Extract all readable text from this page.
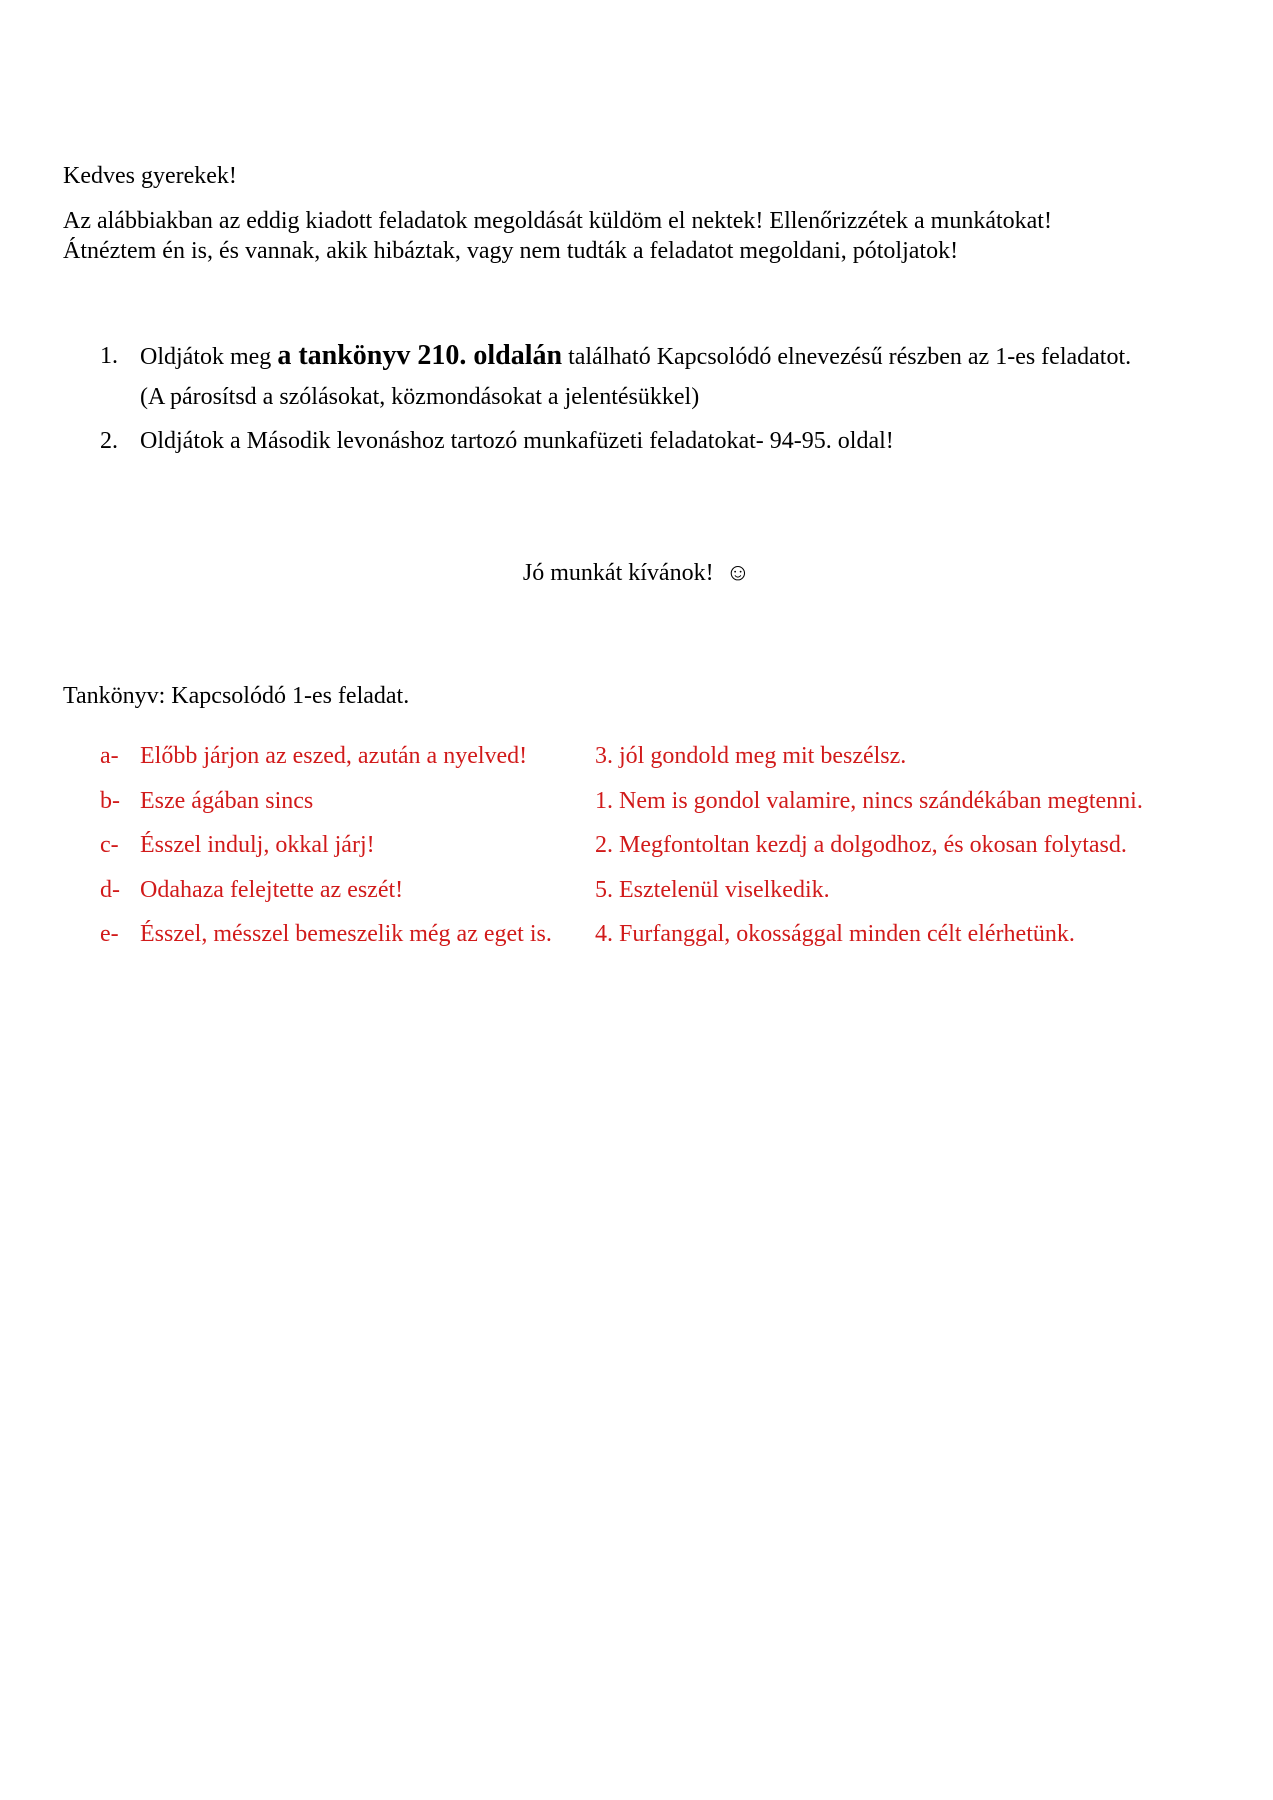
Kedves gyerekek!

Az alábbiakban az eddig kiadott feladatok megoldását küldöm el nektek! Ellenőrizzétek a munkátokat!
Átnéztem én is, és vannak, akik hibáztak, vagy nem tudták a feladatot megoldani, pótoljatok!

1. Oldjátok meg a tankönyv 210. oldalán található Kapcsolódó elnevezésű részben az 1-es feladatot.
(A párosítsd a szólásokat, közmondásokat a jelentésükkel)
2. Oldjátok a Második levonáshoz tartozó munkafüzeti feladatokat- 94-95. oldal!

Jó munkát kívánok! ☺

Tankönyv: Kapcsolódó 1-es feladat.

a- Előbb járjon az eszed, azután a nyelved!	3. jól gondold meg mit beszélsz.
b- Esze ágában sincs	1. Nem is gondol valamire, nincs szándékában megtenni.
c- Ésszel indulj, okkal járj!	2. Megfontoltan kezdj a dolgodhoz, és okosan folytasd.
d- Odahaza felejtette az eszét!	5. Esztelenül viselkedik.
e- Ésszel, mésszel bemeszelik még az eget is. 4. Furfanggal, okossággal minden célt elérhetünk.
